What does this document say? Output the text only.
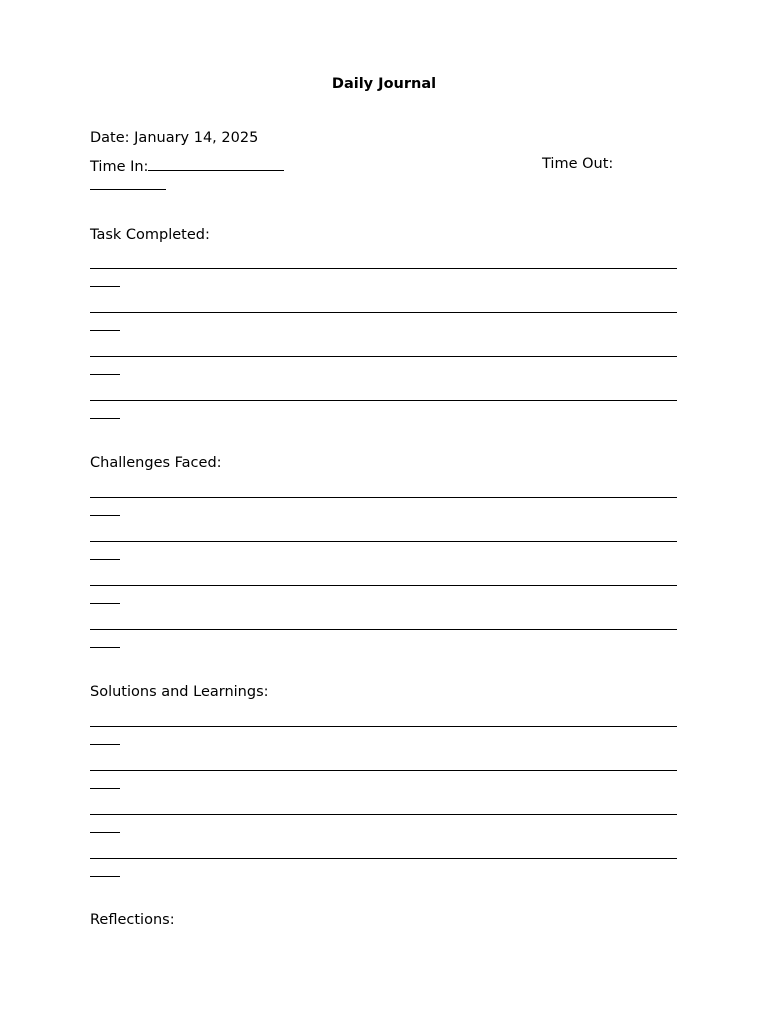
Daily Journal
Date: January 14, 2025
Time In:	Time Out:
Task Completed:
Challenges Faced:
Solutions and Learnings:
Reflections:
